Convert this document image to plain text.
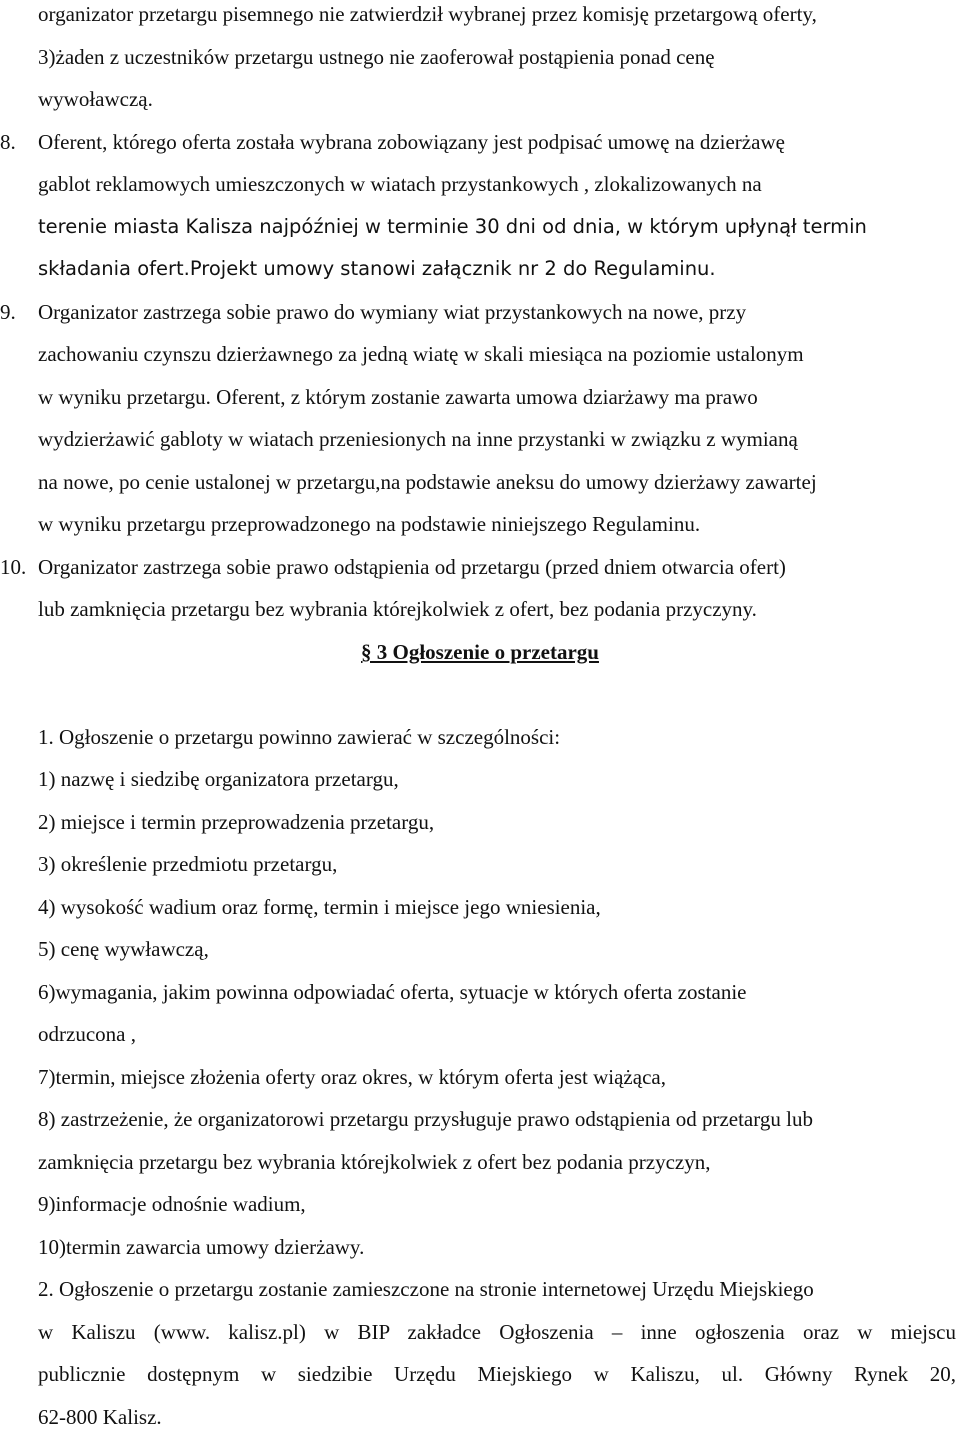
organizator przetargu pisemnego nie zatwierdził wybranej przez komisję przetargową oferty,
3)żaden z uczestników przetargu ustnego nie zaoferował postąpienia ponad cenę
wywoławczą.
8. Oferent, którego oferta została wybrana zobowiązany jest podpisać umowę na dzierżawę
gablot reklamowych umieszczonych w wiatach przystankowych , zlokalizowanych na
terenie miasta Kalisza najpóźniej w terminie 30 dni od dnia, w którym upłynął termin
składania ofert.Projekt umowy stanowi załącznik nr 2 do Regulaminu.
9. Organizator zastrzega sobie prawo do wymiany wiat przystankowych na nowe, przy
zachowaniu czynszu dzierżawnego za jedną wiatę w skali miesiąca na poziomie ustalonym
w wyniku przetargu. Oferent, z którym zostanie zawarta umowa dziarżawy ma prawo
wydzierżawić gabloty w wiatach przeniesionych na inne przystanki w związku z wymianą
na nowe, po cenie ustalonej w przetargu,na podstawie aneksu do umowy dzierżawy zawartej
w wyniku przetargu przeprowadzonego na podstawie niniejszego Regulaminu.
10. Organizator zastrzega sobie prawo odstąpienia od przetargu (przed dniem otwarcia ofert)
lub zamknięcia przetargu bez wybrania którejkolwiek z ofert, bez podania przyczyny.
§ 3 Ogłoszenie o przetargu
1. Ogłoszenie o przetargu powinno zawierać w szczególności:
1) nazwę i siedzibę organizatora przetargu,
2) miejsce i termin przeprowadzenia przetargu,
3) określenie przedmiotu przetargu,
4) wysokość wadium oraz formę, termin i miejsce jego wniesienia,
5) cenę wywławczą,
6)wymagania, jakim powinna odpowiadać oferta, sytuacje w których oferta zostanie
odrzucona ,
7)termin, miejsce złożenia oferty oraz okres, w którym oferta jest wiążąca,
8) zastrzeżenie, że organizatorowi przetargu przysługuje prawo odstąpienia od przetargu lub
zamknięcia przetargu bez wybrania którejkolwiek z ofert bez podania przyczyn,
9)informacje odnośnie wadium,
10)termin zawarcia umowy dzierżawy.
2. Ogłoszenie o przetargu zostanie zamieszczone na stronie internetowej Urzędu Miejskiego
w Kaliszu (www. kalisz.pl) w BIP zakładce Ogłoszenia – inne ogłoszenia oraz w miejscu
publicznie dostępnym w siedzibie Urzędu Miejskiego w Kaliszu, ul. Główny Rynek 20,
62-800 Kalisz.
